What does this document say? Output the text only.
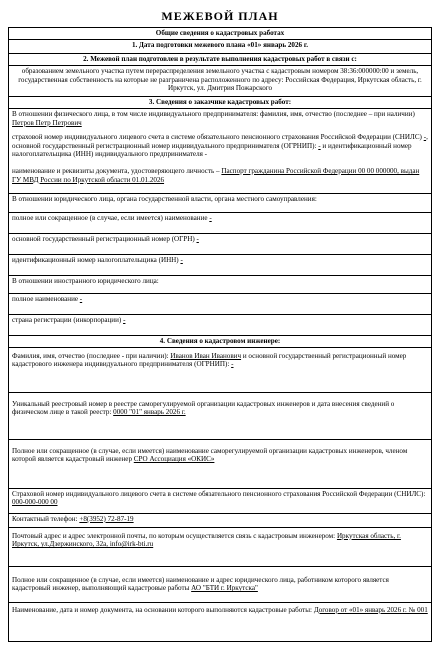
МЕЖЕВОЙ ПЛАН
Общие сведения о кадастровых работах
1. Дата подготовки межевого плана «01» январь 2026 г.
2. Межевой план подготовлен в результате выполнения кадастровых работ в связи с:
образованием земельного участка путем перераспределения земельного участка с кадастровым номером 38:36:000000:00 и земель, государственная собственность на которые не разграничена расположенного по адресу: Российская Федерация, Иркутская область, г. Иркутск, ул. Дмитрия Пожарского
3. Сведения о заказчике кадастровых работ:

В отношении физического лица, в том числе индивидуального предпринимателя: фамилия, имя, отчество (последнее – при наличии) Петров Петр Петрович

страховой номер индивидуального лицевого счета в системе обязательного пенсионного страхования Российской Федерации (СНИЛС) -, основной государственный регистрационный номер индивидуального предпринимателя (ОГРНИП): - и идентификационный номер налогоплательщика (ИНН) индивидуального предпринимателя -

наименование и реквизиты документа, удостоверяющего личность – Паспорт гражданина Российской Федерации 00 00 000000, выдан ГУ МВД России по Иркутской области 01.01.2026

В отношении юридического лица, органа государственной власти, органа местного самоуправления:
полное или сокращенное (в случае, если имеется) наименование -
основной государственный регистрационный номер (ОГРН) -
идентификационный номер налогоплательщика (ИНН) -
В отношении иностранного юридического лица:
полное наименование -
страна регистрации (инкорпорации) -
4. Сведения о кадастровом инженере:

Фамилия, имя, отчество (последнее - при наличии): Иванов Иван Иванович и основной государственный регистрационный номер кадастрового инженера индивидуального предпринимателя (ОГРНИП): -

Уникальный реестровый номер в реестре саморегулируемой организации кадастровых инженеров и дата внесения сведений о физическом лице в такой реестр: 0000 "01" январь 2026 г.

Полное или сокращенное (в случае, если имеется) наименование саморегулируемой организации кадастровых инженеров, членом которой является кадастровый инженер СРО Ассоциация «ОКИС»

Страховой номер индивидуального лицевого счета в системе обязательного пенсионного страхования Российской Федерации (СНИЛС): 000-000-000 00
Контактный телефон: +8(3952) 72-87-19

Почтовый адрес и адрес электронной почты, по которым осуществляется связь с кадастровым инженером: Иркутская область, г. Иркутск, ул.Дзержинского, 32а, info@irk-bti.ru

Полное или сокращенное (в случае, если имеется) наименование и адрес юридического лица, работником которого является кадастровый инженер, выполняющий кадастровые работы АО "БТИ г. Иркутска"

Наименование, дата и номер документа, на основании которого выполняются кадастровые работы: Договор от «01» январь 2026 г. № 001
